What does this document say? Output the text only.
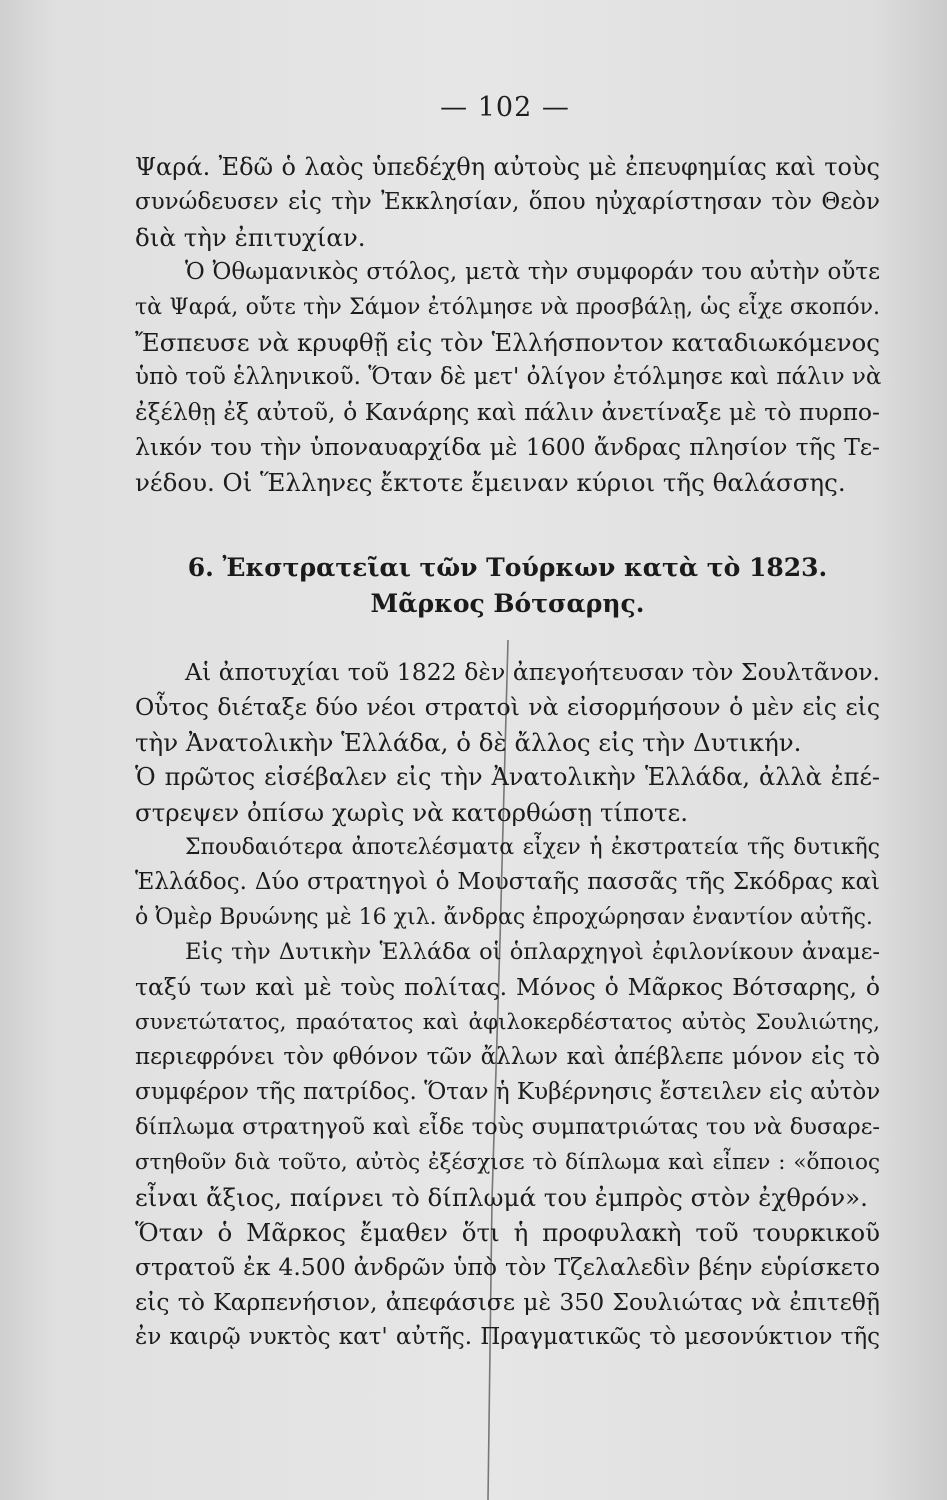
— 102 —
Ψαρά. Ἐδῶ ὁ λαὸς ὑπεδέχθη αὐτοὺς μὲ ἐπευφημίας καὶ τοὺς
συνώδευσεν εἰς τὴν Ἐκκλησίαν, ὅπου ηὐχαρίστησαν τὸν Θεὸν
διὰ τὴν ἐπιτυχίαν.
Ὁ Ὀθωμανικὸς στόλος, μετὰ τὴν συμφοράν του αὐτὴν οὔτε
τὰ Ψαρά, οὔτε τὴν Σάμον ἐτόλμησε νὰ προσβάλῃ, ὡς εἶχε σκοπόν.
Ἔσπευσε νὰ κρυφθῇ εἰς τὸν Ἑλλήσποντον καταδιωκόμενος
ὑπὸ τοῦ ἑλληνικοῦ. Ὅταν δὲ μετ' ὀλίγον ἐτόλμησε καὶ πάλιν νὰ
ἐξέλθῃ ἐξ αὐτοῦ, ὁ Κανάρης καὶ πάλιν ἀνετίναξε μὲ τὸ πυρπο-
λικόν του τὴν ὑποναυαρχίδα μὲ 1600 ἄνδρας πλησίον τῆς Τε-
νέδου. Οἱ Ἕλληνες ἔκτοτε ἔμειναν κύριοι τῆς θαλάσσης.
6. Ἐκστρατεῖαι τῶν Τούρκων κατὰ τὸ 1823.
Μᾶρκος Βότσαρης.
Αἱ ἀποτυχίαι τοῦ 1822 δὲν ἀπεγοήτευσαν τὸν Σουλτᾶνον.
Οὗτος διέταξε δύο νέοι στρατοὶ νὰ εἰσορμήσουν ὁ μὲν εἰς εἰς
τὴν Ἀνατολικὴν Ἑλλάδα, ὁ δὲ ἄλλος εἰς τὴν Δυτικήν.
Ὁ πρῶτος εἰσέβαλεν εἰς τὴν Ἀνατολικὴν Ἑλλάδα, ἀλλὰ ἐπέ-
στρεψεν ὀπίσω χωρὶς νὰ κατορθώσῃ τίποτε.
Σπουδαιότερα ἀποτελέσματα εἶχεν ἡ ἐκστρατεία τῆς δυτικῆς
Ἑλλάδος. Δύο στρατηγοὶ ὁ Μουσταῆς πασσᾶς τῆς Σκόδρας καὶ
ὁ Ὀμὲρ Βρυώνης μὲ 16 χιλ. ἄνδρας ἐπροχώρησαν ἐναντίον αὐτῆς.
Εἰς τὴν Δυτικὴν Ἑλλάδα οἱ ὁπλαρχηγοὶ ἐφιλονίκουν ἀναμε-
ταξύ των καὶ μὲ τοὺς πολίτας. Μόνος ὁ Μᾶρκος Βότσαρης, ὁ
συνετώτατος, πραότατος καὶ ἀφιλοκερδέστατος αὐτὸς Σουλιώτης,
περιεφρόνει τὸν φθόνον τῶν ἄλλων καὶ ἀπέβλεπε μόνον εἰς τὸ
συμφέρον τῆς πατρίδος. Ὅταν ἡ Κυβέρνησις ἔστειλεν εἰς αὐτὸν
δίπλωμα στρατηγοῦ καὶ εἶδε τοὺς συμπατριώτας του νὰ δυσαρε-
στηθοῦν διὰ τοῦτο, αὐτὸς ἐξέσχισε τὸ δίπλωμα καὶ εἶπεν : «ὅποιος
εἶναι ἄξιος, παίρνει τὸ δίπλωμά του ἐμπρὸς στὸν ἐχθρόν».
Ὅταν ὁ Μᾶρκος ἔμαθεν ὅτι ἡ προφυλακὴ τοῦ τουρκικοῦ
στρατοῦ ἐκ 4.500 ἀνδρῶν ὑπὸ τὸν Τζελαλεδὶν βέην εὑρίσκετο
εἰς τὸ Καρπενήσιον, ἀπεφάσισε μὲ 350 Σουλιώτας νὰ ἐπιτεθῇ
ἐν καιρῷ νυκτὸς κατ' αὐτῆς. Πραγματικῶς τὸ μεσονύκτιον τῆς
